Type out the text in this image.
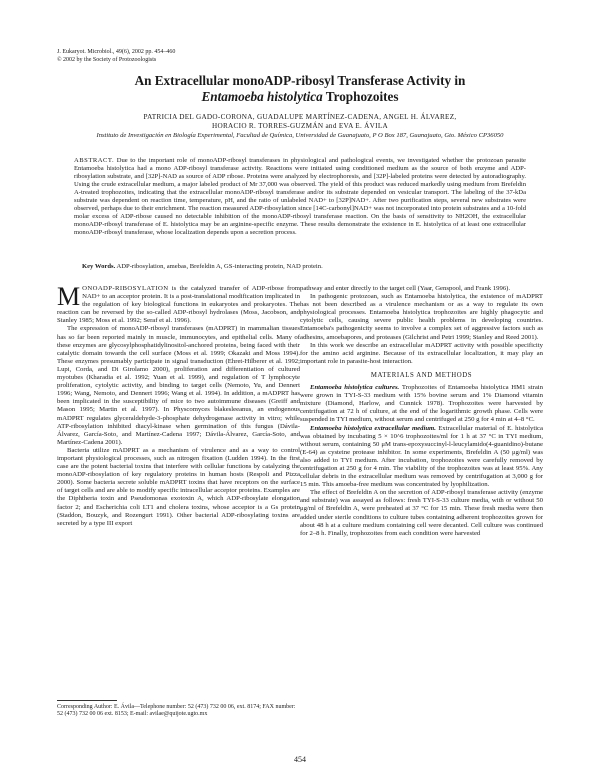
J. Eukaryot. Microbiol., 49(6), 2002 pp. 454–460
© 2002 by the Society of Protozoologists
An Extracellular monoADP-ribosyl Transferase Activity in
Entamoeba histolytica Trophozoites
PATRICIA DEL GADO-CORONA, GUADALUPE MARTÍNEZ-CADENA, ANGEL H. ÁLVAREZ,
HORACIO R. TORRES-GUZMÁN and EVA E. ÁVILA
Instituto de Investigación en Biología Experimental, Facultad de Química, Universidad de Guanajuato, P O Box 187, Guanajuato, Gto. México CP36050
ABSTRACT. Due to the important role of monoADP-ribosyl transferases in physiological and pathological events, we investigated whether the protozoan parasite Entamoeba histolytica had a mono ADP-ribosyl transferase activity. Reactions were initiated using conditioned medium as the source of both enzyme and ADP-ribosylation substrate, and [32P]-NAD as source of ADP ribose. Proteins were analyzed by electrophoresis, and [32P]-labeled proteins were detected by autoradiography. Using the crude extracellular medium, a major labeled product of Mr 37,000 was observed. The yield of this product was reduced markedly using medium from Brefeldin A-treated trophozoites, indicating that the extracellular monoADP-ribosyl transferase and/or its substrate depended on vesicular transport. The labeling of the 37-kDa substrate was dependent on reaction time, temperature, pH, and the ratio of unlabeled NAD+ to [32P]NAD+. After two purification steps, several new substrates were observed, perhaps due to their enrichment. The reaction measured ADP-ribosylation since [14C-carbonyl]NAD+ was not incorporated into protein substrates and a 10-fold molar excess of ADP-ribose caused no detectable inhibition of the monoADP-ribosyl transferase reaction. On the basis of sensitivity to NH2OH, the extracellular monoADP-ribosyl transferase of E. histolytica may be an arginine-specific enzyme. These results demonstrate the existence in E. histolytica of at least one extracellular monoADP-ribosyl transferase, whose localization depends upon a secretion process.
Key Words. ADP-ribosylation, amebas, Brefeldin A, GS-interacting protein, NAD protein.

MONOADP-RIBOSYLATION is the catalyzed transfer of ADP-ribose from NAD+ to an acceptor protein. It is a post-translational modification implicated in the regulation of key biological functions in eukaryotes and prokaryotes. The reaction can be reversed by the so-called ADP-ribosyl hydrolases (Moss, Jacobson, and Stanley 1985; Moss et al. 1992; Seraf et al. 1996).

The expression of monoADP-ribosyl transferases (mADPRT) in mammalian tissues has so far been reported mainly in muscle, immunocytes, and epithelial cells. Many of these enzymes are glycosylphosphatidylinositol-anchored proteins, being faced with their catalytic domain towards the cell surface (Moss et al. 1999; Okazaki and Moss 1994). These enzymes presumably participate in signal transduction (Ehret-Hilberer et al. 1992; Lupi, Corda, and Di Girolamo 2000), proliferation and differentiation of cultured myotubes (Kharadia et al. 1992; Yuan et al. 1999), and regulation of T lymphocyte proliferation, cytolytic activity, and binding to target cells (Nemoto, Yu, and Dennert 1996; Wang, Nemoto, and Dennert 1996; Wang et al. 1994). In addition, a mADPRT has been implicated in the susceptibility of mice to two autoimmune diseases (Greiff and Mason 1995; Martin et al. 1997). In Physcomyces blakesleeanus, an endogenous mADPRT regulates glyceraldehyde-3-phosphate dehydrogenase activity in vitro; while ATP-ribosylation inhibited diacyl-kinase when germination of this fungus (Dávila-Álvarez, García-Soto, and Martínez-Cadena 1997; Dávila-Álvarez, García-Soto, and Martínez-Cadena 2001).

Bacteria utilize mADPRT as a mechanism of virulence and as a way to control important physiological processes, such as nitrogen fixation (Ludden 1994). In the first case are the potent bacterial toxins that interfere with cellular functions by catalyzing the monoADP-ribosylation of key regulatory proteins in human hosts (Respoli and Pizza 2000). Some bacteria secrete soluble mADPRT toxins that have receptors on the surface of target cells and are able to modify specific intracellular acceptor proteins. Examples are the Diphtheria toxin and Pseudomonas exotoxin A, which ADP-ribosylate elongation factor 2; and Escherichia coli LT1 and cholera toxins, whose acceptor is a Gs protein (Staddon, Bouzyk, and Rozengurt 1991). Other bacterial ADP-ribosylating toxins are secreted by a type III export

pathway and enter directly to the target cell (Yaar, Genspool, and Frank 1996).

In pathogenic protozoan, such as Entamoeba histolytica, the existence of mADPRT has not been described as a virulence mechanism or as a way to regulate its own physiological processes. Entamoeba histolytica trophozoites are highly phagocytic and cytolytic cells, causing severe public health problems in developing countries. Entamoeba's pathogenicity seems to involve a complex set of aggressive factors such as adhesins, amoebapores, and proteases (Gilchrist and Petri 1999; Stanley and Reed 2001).

In this work we describe an extracellular mADPRT activity with possible specificity for the amino acid arginine. Because of its extracellular localization, it may play an important role in parasite-host interaction.

MATERIALS AND METHODS

Entamoeba histolytica cultures. Trophozoites of Entamoeba histolytica HM1 strain were grown in TYI-S-33 medium with 15% bovine serum and 1% Diamond vitamin mixture (Diamond, Harlow, and Cunnick 1978). Trophozoites were harvested by centrifugation at 72 h of culture, at the end of the logarithmic growth phase. Cells were suspended in TYI medium, without serum and centrifuged at 250 g for 4 min at 4–8 °C.

Entamoeba histolytica extracellular medium. Extracellular material of E. histolytica was obtained by incubating 5 × 10^6 trophozoites/ml for 1 h at 37 °C in TYI medium, without serum, containing 50 μM trans-epoxysuccinyl-l-leucylamido(4-guanidino)-butane (E-64) as cysteine protease inhibitor. In some experiments, Brefeldin A (50 μg/ml) was also added to TYI medium. After incubation, trophozoites were carefully removed by centrifugation at 250 g for 4 min. The viability of the trophozoites was at least 95%. Any cellular debris in the extracellular medium was removed by centrifugation at 3,000 g for 15 min. This amoeba-free medium was concentrated by lyophilization.

The effect of Brefeldin A on the secretion of ADP-ribosyl transferase activity (enzyme and substrate) was assayed as follows: fresh TYI-S-33 culture media, with or without 50 μg/ml of Brefeldin A, were preheated at 37 °C for 15 min. These fresh media were then added under sterile conditions to culture tubes containing adherent trophozoites grown for about 48 h at a culture medium containing cell were decanted. Cell culture was continued for 2–8 h. Finally, trophozoites from each condition were harvested

Corresponding Author: E. Ávila—Telephone number: 52 (473) 732 00 06, ext. 8174; FAX number: 52 (473) 732 00 06 ext. 8153; E-mail: avilae@quijote.ugto.mx
454
